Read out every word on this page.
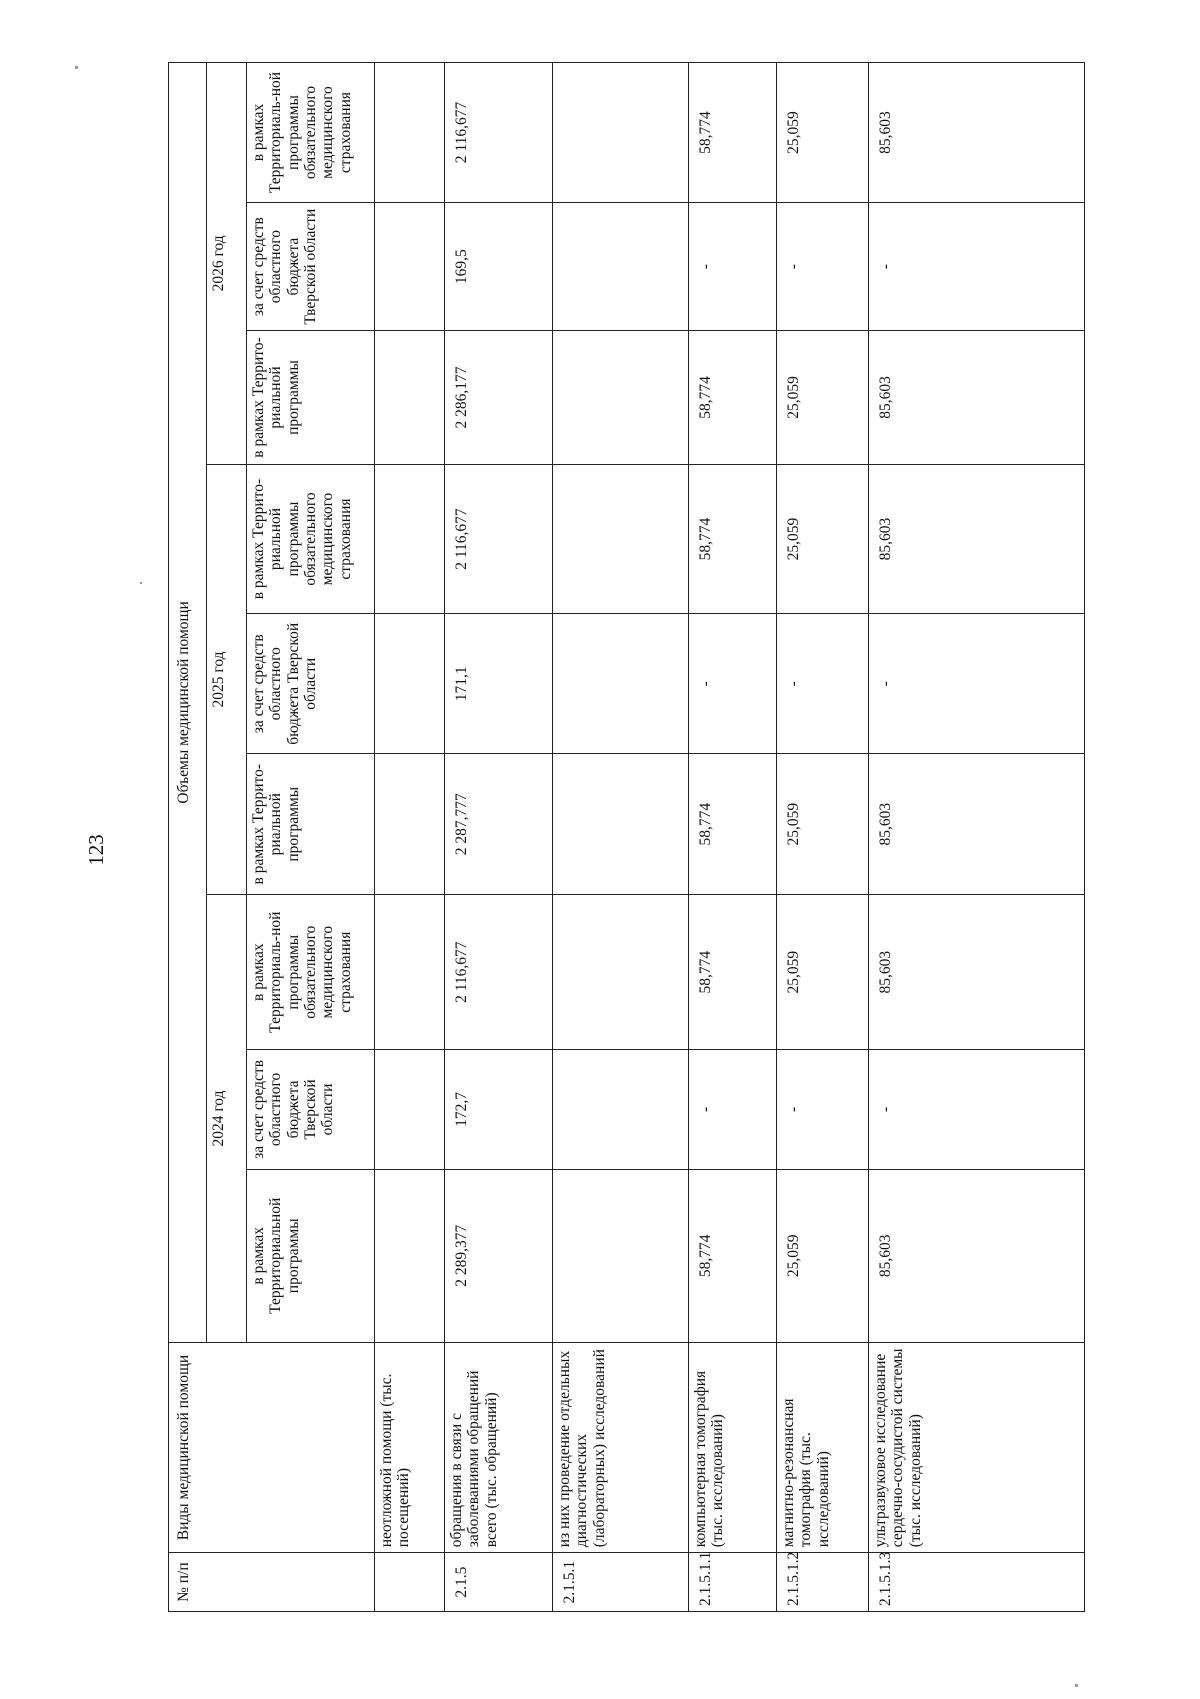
123
№ п/п	Виды медицинской помощи	Объемы медицинской помощи								
		2024 год			2025 год			2026 год		
		в рамках Территориальной программы	за счет средств областного бюджета Тверской области	в рамках Территориаль-ной программы обязательного медицинского страхования	в рамках Террито-риальной программы	за счет средств областного бюджета Тверской области	в рамках Террито-риальной программы обязательного медицинского страхования	в рамках Террито-риальной программы	за счет средств областного бюджета Тверской области	в рамках Территориаль-ной программы обязательного медицинского страхования
	неотложной помощи (тыс. посещений)									
2.1.5	обращения в связи с заболеваниями обращений всего (тыс. обращений)	2 289,377	172,7	2 116,677	2 287,777	171,1	2 116,677	2 286,177	169,5	2 116,677
2.1.5.1	из них проведение отдельных диагностических (лабораторных) исследований									
2.1.5.1.1	компьютерная томография (тыс. исследований)	58,774	-	58,774	58,774	-	58,774	58,774	-	58,774
2.1.5.1.2	магнитно-резонансная томография (тыс. исследований)	25,059	-	25,059	25,059	-	25,059	25,059	-	25,059
2.1.5.1.3	ультразвуковое исследование сердечно-сосудистой системы (тыс. исследований)	85,603	-	85,603	85,603	-	85,603	85,603	-	85,603
